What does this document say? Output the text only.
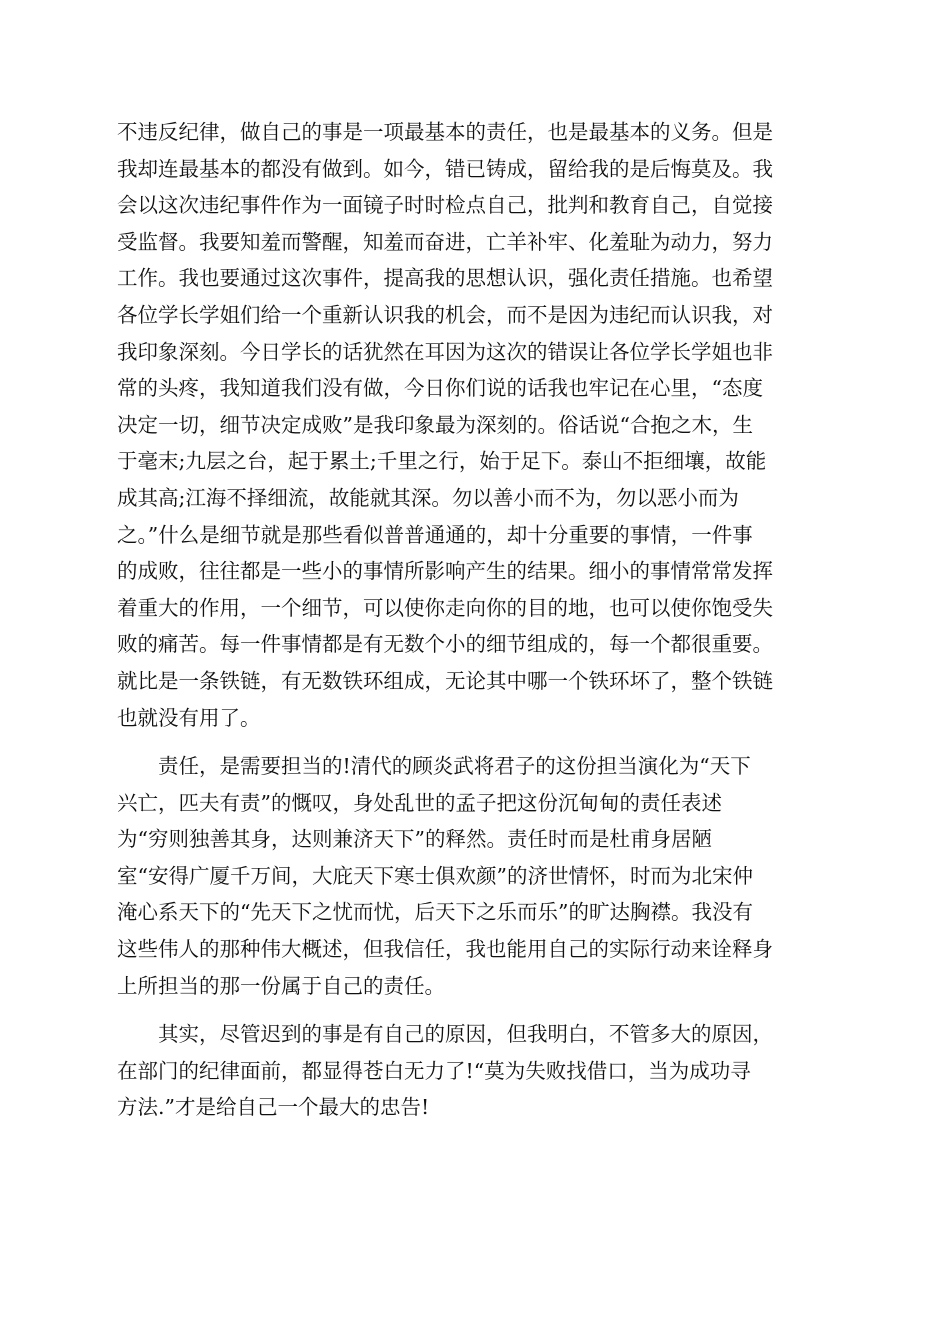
不违反纪律，做自己的事是一项最基本的责任，也是最基本的义务。但是
我却连最基本的都没有做到。如今，错已铸成，留给我的是后悔莫及。我
会以这次违纪事件作为一面镜子时时检点自己，批判和教育自己，自觉接
受监督。我要知羞而警醒，知羞而奋进，亡羊补牢、化羞耻为动力，努力
工作。我也要通过这次事件，提高我的思想认识，强化责任措施。也希望
各位学长学姐们给一个重新认识我的机会，而不是因为违纪而认识我，对
我印象深刻。今日学长的话犹然在耳因为这次的错误让各位学长学姐也非
常的头疼，我知道我们没有做，今日你们说的话我也牢记在心里，“态度
决定一切，细节决定成败”是我印象最为深刻的。俗话说“合抱之木，生
于毫末;九层之台，起于累土;千里之行，始于足下。泰山不拒细壤，故能
成其高;江海不择细流，故能就其深。勿以善小而不为，勿以恶小而为
之。”什么是细节就是那些看似普普通通的，却十分重要的事情，一件事
的成败，往往都是一些小的事情所影响产生的结果。细小的事情常常发挥
着重大的作用，一个细节，可以使你走向你的目的地，也可以使你饱受失
败的痛苦。每一件事情都是有无数个小的细节组成的，每一个都很重要。
就比是一条铁链，有无数铁环组成，无论其中哪一个铁环坏了，整个铁链
也就没有用了。
　　责任，是需要担当的!清代的顾炎武将君子的这份担当演化为“天下
兴亡，匹夫有责”的慨叹，身处乱世的孟子把这份沉甸甸的责任表述
为“穷则独善其身，达则兼济天下”的释然。责任时而是杜甫身居陋
室“安得广厦千万间，大庇天下寒士俱欢颜”的济世情怀，时而为北宋仲
淹心系天下的“先天下之忧而忧，后天下之乐而乐”的旷达胸襟。我没有
这些伟人的那种伟大概述，但我信任，我也能用自己的实际行动来诠释身
上所担当的那一份属于自己的责任。
　　其实，尽管迟到的事是有自己的原因，但我明白，不管多大的原因，
在部门的纪律面前，都显得苍白无力了!“莫为失败找借口，当为成功寻
方法.”才是给自己一个最大的忠告!
